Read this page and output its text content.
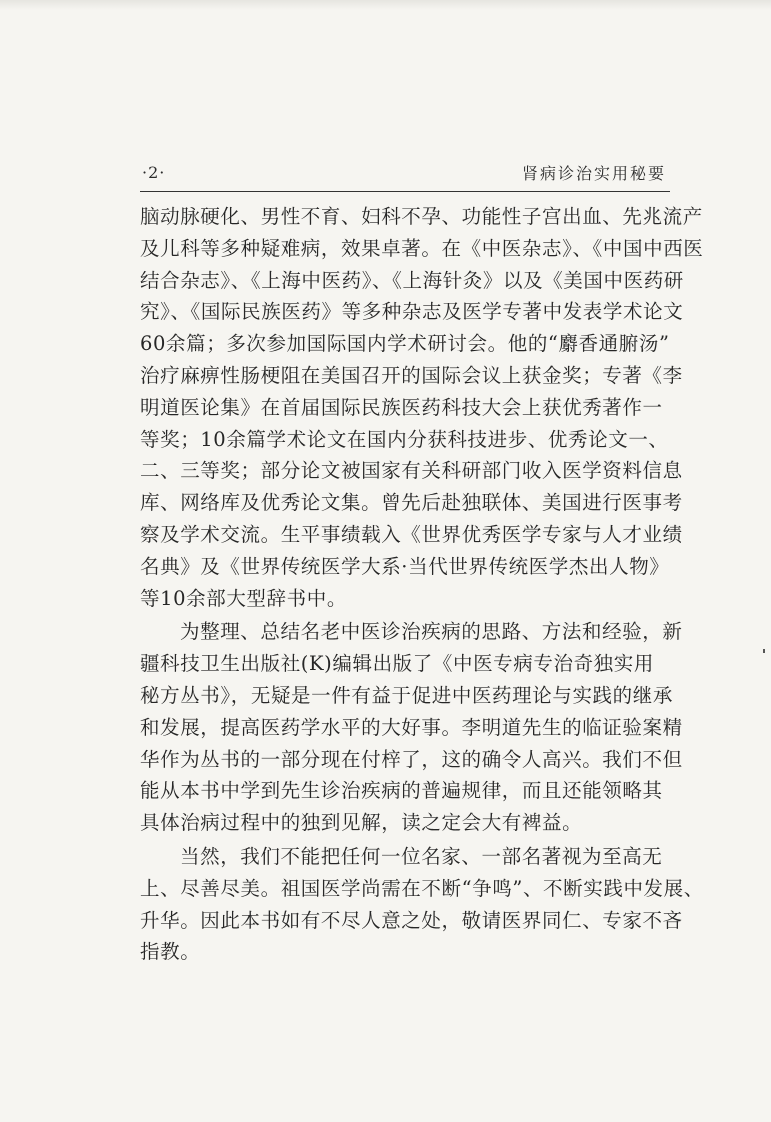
·2·	肾病诊治实用秘要
脑动脉硬化、男性不育、妇科不孕、功能性子宫出血、先兆流产
及儿科等多种疑难病，效果卓著。在《中医杂志》、《中国中西医
结合杂志》、《上海中医药》、《上海针灸》以及《美国中医药研
究》、《国际民族医药》等多种杂志及医学专著中发表学术论文
60余篇；多次参加国际国内学术研讨会。他的“麝香通腑汤”
治疗麻痹性肠梗阻在美国召开的国际会议上获金奖；专著《李
明道医论集》在首届国际民族医药科技大会上获优秀著作一
等奖；10余篇学术论文在国内分获科技进步、优秀论文一、
二、三等奖；部分论文被国家有关科研部门收入医学资料信息
库、网络库及优秀论文集。曾先后赴独联体、美国进行医事考
察及学术交流。生平事绩载入《世界优秀医学专家与人才业绩
名典》及《世界传统医学大系·当代世界传统医学杰出人物》
等10余部大型辞书中。
为整理、总结名老中医诊治疾病的思路、方法和经验，新
疆科技卫生出版社(K)编辑出版了《中医专病专治奇独实用
秘方丛书》，无疑是一件有益于促进中医药理论与实践的继承
和发展，提高医药学水平的大好事。李明道先生的临证验案精
华作为丛书的一部分现在付梓了，这的确令人高兴。我们不但
能从本书中学到先生诊治疾病的普遍规律，而且还能领略其
具体治病过程中的独到见解，读之定会大有裨益。
当然，我们不能把任何一位名家、一部名著视为至高无
上、尽善尽美。祖国医学尚需在不断“争鸣”、不断实践中发展、
升华。因此本书如有不尽人意之处，敬请医界同仁、专家不吝
指教。
